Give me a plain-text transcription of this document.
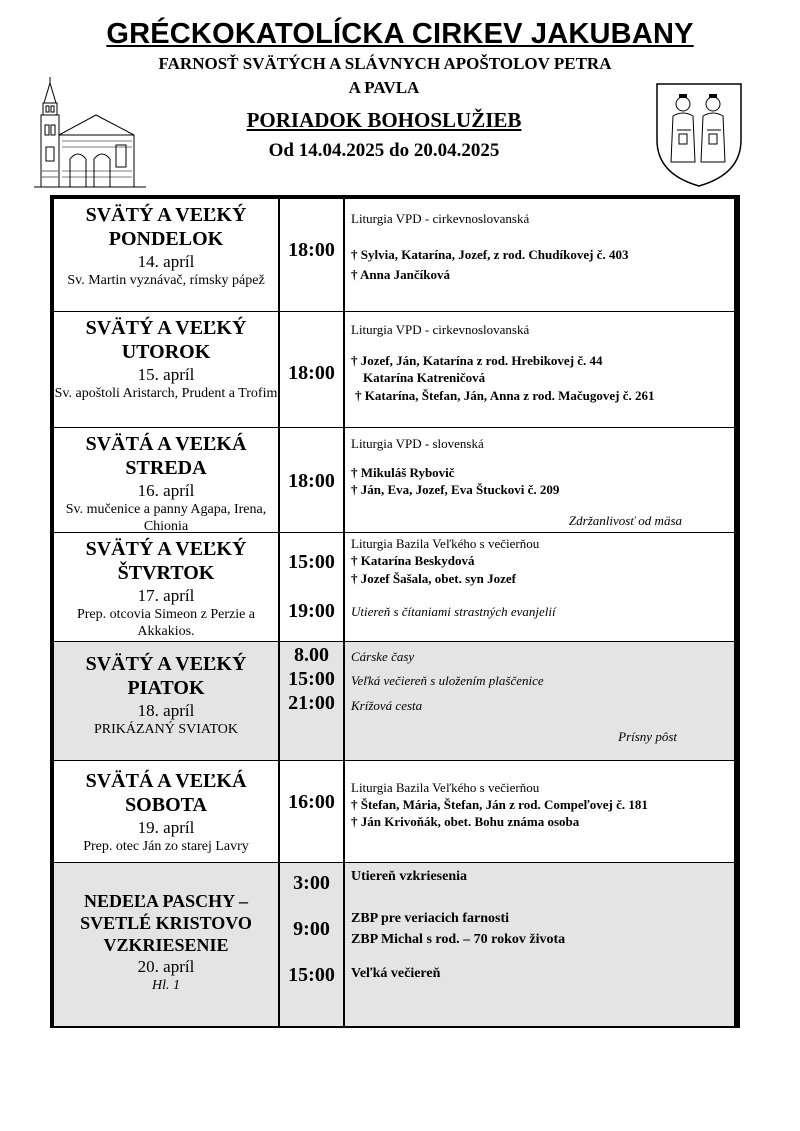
GRÉCKOKATOLÍCKA CIRKEV JAKUBANY
FARNOSŤ SVÄTÝCH A SLÁVNYCH APOŠTOLOV PETRA
A PAVLA
PORIADOK BOHOSLUŽIEB
Od 14.04.2025 do 20.04.2025
SVÄTÝ A VEĽKÝ
PONDELOK
14. apríl
Sv. Martin vyznávač, rímsky pápež
18:00
Liturgia VPD - cirkevnoslovanská
† Sylvia, Katarína, Jozef, z rod. Chudíkovej č. 403
† Anna Jančíková
SVÄTÝ A VEĽKÝ
UTOROK
15. apríl
Sv. apoštoli Aristarch, Prudent a Trofim
18:00
Liturgia VPD - cirkevnoslovanská
† Jozef, Ján, Katarína z rod. Hrebikovej č. 44
Katarína Katreničová
† Katarína, Štefan, Ján, Anna z rod. Mačugovej č. 261
SVÄTÁ A VEĽKÁ
STREDA
16. apríl
Sv. mučenice a panny Agapa, Irena, Chionia
18:00
Liturgia VPD - slovenská
† Mikuláš Rybovič
† Ján, Eva, Jozef, Eva Štuckovi č. 209
Zdržanlivosť od mäsa
SVÄTÝ A VEĽKÝ
ŠTVRTOK
17. apríl
Prep. otcovia Simeon z Perzie a Akkakios.
15:00
19:00
Liturgia Bazila Veľkého s večierňou
† Katarína Beskydová
† Jozef Šašala, obet. syn Jozef
Utiereň s čítaniami strastných evanjelií
SVÄTÝ A VEĽKÝ
PIATOK
18. apríl
PRIKÁZANÝ SVIATOK
8.00
15:00
21:00
Cárske časy
Veľká večiereň s uložením plaščenice
Krížová cesta
Prísny pôst
SVÄTÁ A VEĽKÁ
SOBOTA
19. apríl
Prep. otec Ján zo starej Lavry
16:00
Liturgia Bazila Veľkého s večierňou
† Štefan, Mária, Štefan, Ján z rod. Compeľovej č. 181
† Ján Krivoňák, obet. Bohu známa osoba
NEDEĽA PASCHY –
SVETLÉ KRISTOVO
VZKRIESENIE
20. apríl
Hl. 1
3:00
9:00
15:00
Utiereň vzkriesenia
ZBP pre veriacich farnosti
ZBP Michal s rod. – 70 rokov života
Veľká večiereň
